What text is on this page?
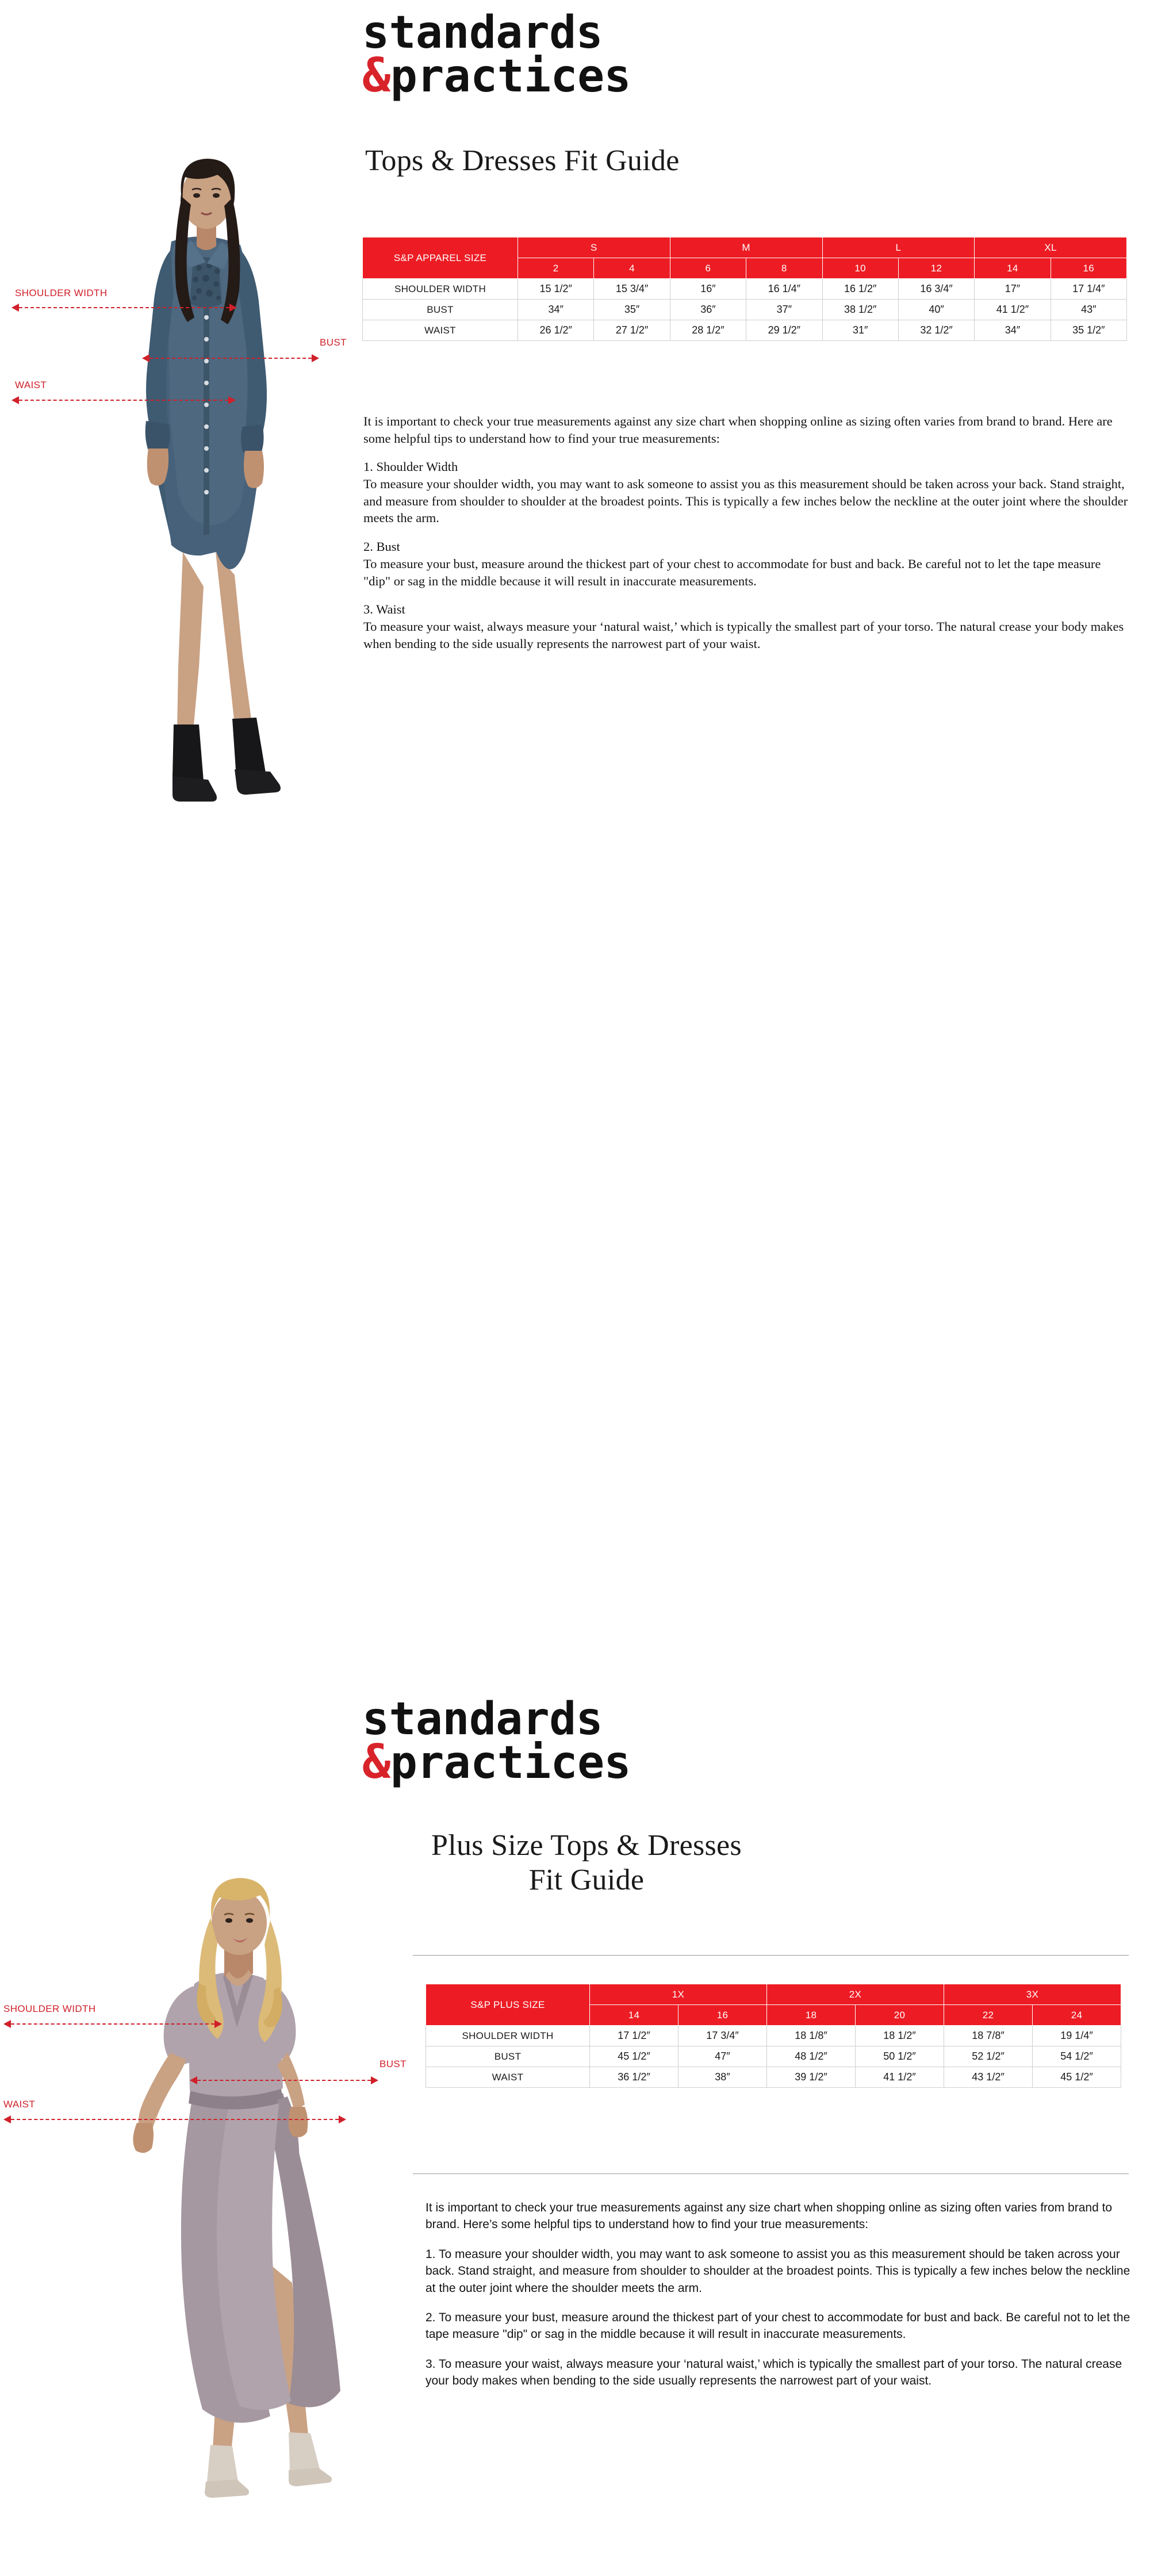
standards
&practices
Tops & Dresses Fit Guide
SHOULDER WIDTH
BUST
WAIST
S&P APPAREL SIZE	S		M		L		XL	
	2	4	6	8	10	12	14	16
SHOULDER WIDTH	15 1/2″	15 3/4″	16″	16 1/4″	16 1/2″	16 3/4″	17″	17 1/4″
BUST	34″	35″	36″	37″	38 1/2″	40″	41 1/2″	43″
WAIST	26 1/2″	27 1/2″	28 1/2″	29 1/2″	31″	32 1/2″	34″	35 1/2″

It is important to check your true measurements against any size chart when shopping online as sizing often varies from brand to brand. Here are some helpful tips to understand how to find your true measurements:

1. Shoulder Width

To measure your shoulder width, you may want to ask someone to assist you as this measurement should be taken across your back. Stand straight, and measure from shoulder to shoulder at the broadest points. This is typically a few inches below the neckline at the outer joint where the shoulder meets the arm.

2. Bust

To measure your bust, measure around the thickest part of your chest to accommodate for bust and back. Be careful not to let the tape measure "dip" or sag in the middle because it will result in inaccurate measurements.

3. Waist

To measure your waist, always measure your ‘natural waist,’ which is typically the smallest part of your torso. The natural crease your body makes when bending to the side usually represents the narrowest part of your waist.

standards
&practices
Plus Size Tops & Dresses
Fit Guide
SHOULDER WIDTH
BUST
WAIST
S&P PLUS SIZE	1X		2X		3X	
	14	16	18	20	22	24
SHOULDER WIDTH	17 1/2″	17 3/4″	18 1/8″	18 1/2″	18 7/8″	19 1/4″
BUST	45 1/2″	47″	48 1/2″	50 1/2″	52 1/2″	54 1/2″
WAIST	36 1/2″	38″	39 1/2″	41 1/2″	43 1/2″	45 1/2″

It is important to check your true measurements against any size chart when shopping online as sizing often varies from brand to brand. Here’s some helpful tips to understand how to find your true measurements:

1. To measure your shoulder width, you may want to ask someone to assist you as this measurement should be taken across your back. Stand straight, and measure from shoulder to shoulder at the broadest points. This is typically a few inches below the neckline at the outer joint where the shoulder meets the arm.

2. To measure your bust, measure around the thickest part of your chest to accommodate for bust and back. Be careful not to let the tape measure "dip" or sag in the middle because it will result in inaccurate measurements.

3. To measure your waist, always measure your ‘natural waist,’ which is typically the smallest part of your torso. The natural crease your body makes when bending to the side usually represents the narrowest part of your waist.
